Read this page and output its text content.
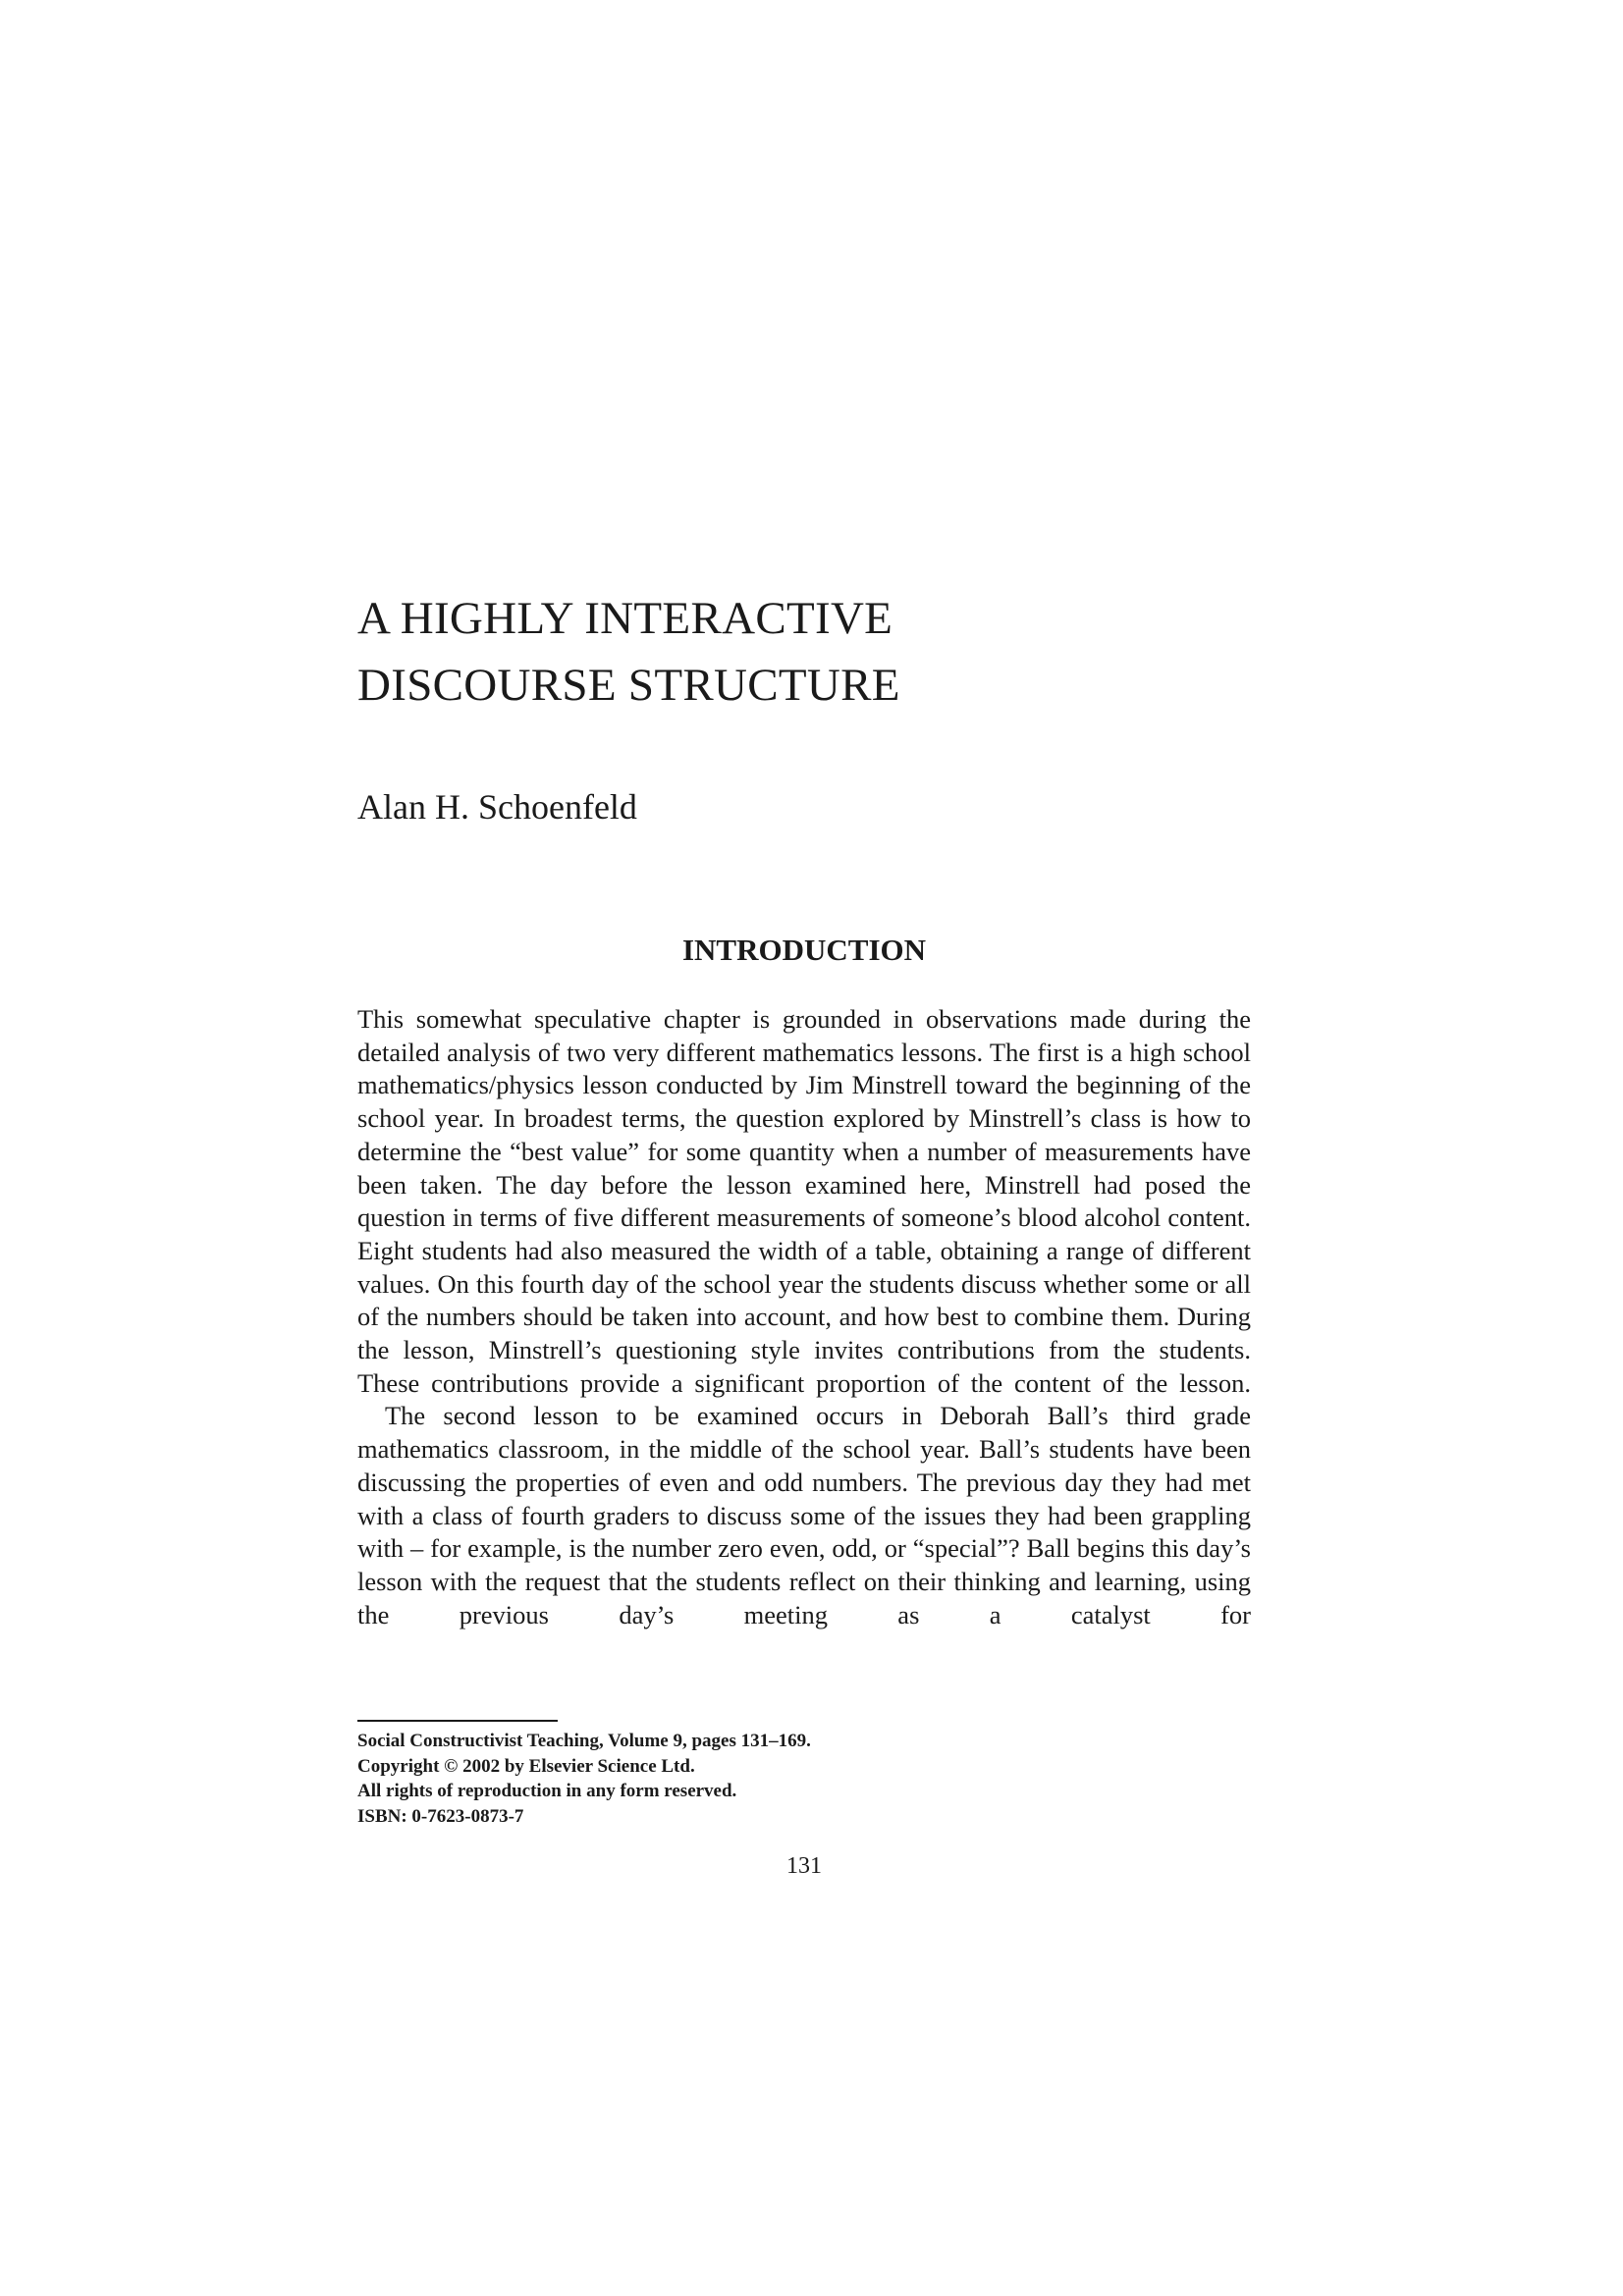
A HIGHLY INTERACTIVE
DISCOURSE STRUCTURE

Alan H. Schoenfeld

INTRODUCTION

This somewhat speculative chapter is grounded in observations made during the detailed analysis of two very different mathematics lessons. The first is a high school mathematics/physics lesson conducted by Jim Minstrell toward the beginning of the school year. In broadest terms, the question explored by Minstrell’s class is how to determine the “best value” for some quantity when a number of measurements have been taken. The day before the lesson examined here, Minstrell had posed the question in terms of five different measurements of someone’s blood alcohol content. Eight students had also measured the width of a table, obtaining a range of different values. On this fourth day of the school year the students discuss whether some or all of the numbers should be taken into account, and how best to combine them. During the lesson, Minstrell’s questioning style invites contributions from the students. These contributions provide a significant proportion of the content of the lesson.

The second lesson to be examined occurs in Deborah Ball’s third grade mathematics classroom, in the middle of the school year. Ball’s students have been discussing the properties of even and odd numbers. The previous day they had met with a class of fourth graders to discuss some of the issues they had been grappling with – for example, is the number zero even, odd, or “special”? Ball begins this day’s lesson with the request that the students reflect on their thinking and learning, using the previous day’s meeting as a catalyst for

Social Constructivist Teaching, Volume 9, pages 131–169.
Copyright © 2002 by Elsevier Science Ltd.
All rights of reproduction in any form reserved.
ISBN: 0-7623-0873-7
131
